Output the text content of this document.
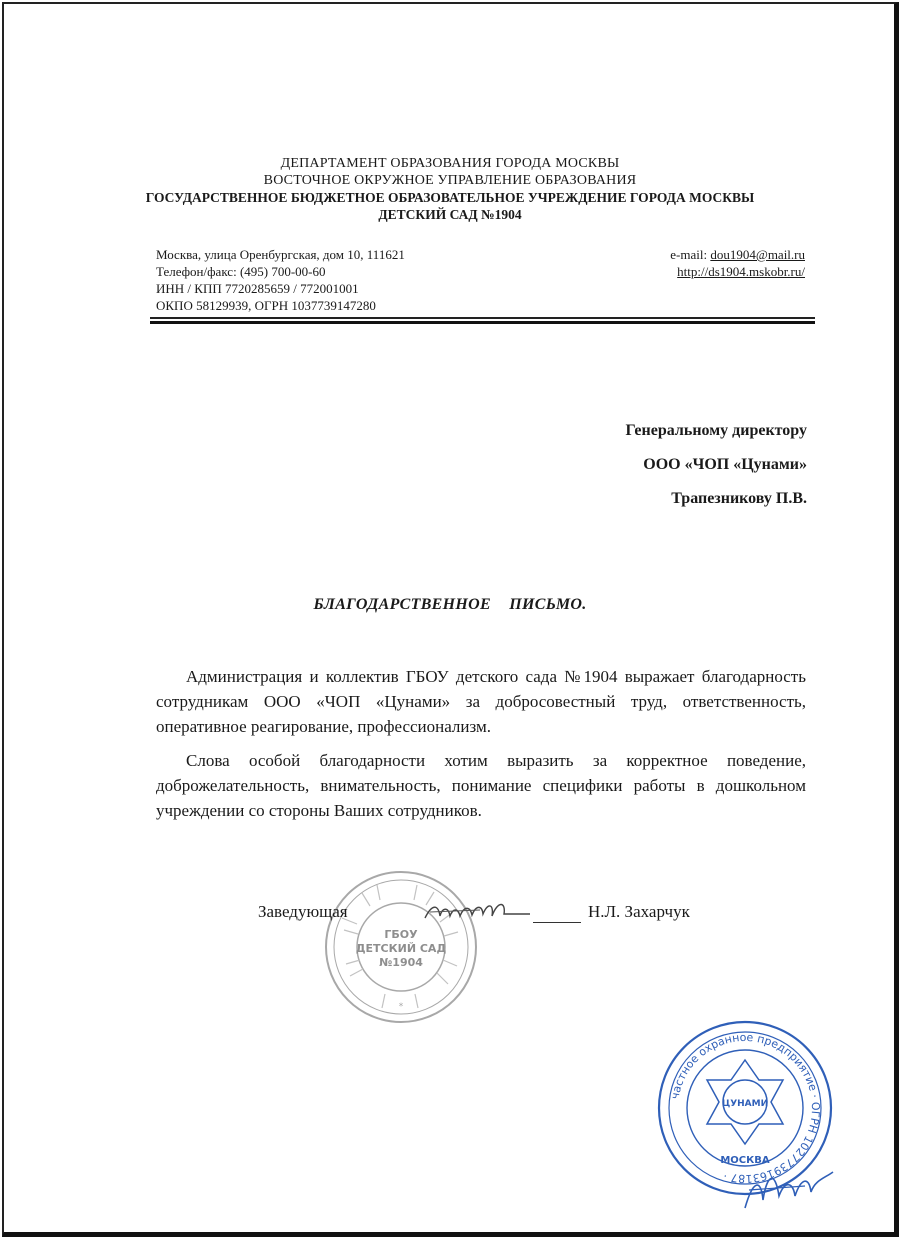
ДЕПАРТАМЕНТ ОБРАЗОВАНИЯ ГОРОДА МОСКВЫ
ВОСТОЧНОЕ ОКРУЖНОЕ УПРАВЛЕНИЕ ОБРАЗОВАНИЯ
ГОСУДАРСТВЕННОЕ БЮДЖЕТНОЕ ОБРАЗОВАТЕЛЬНОЕ УЧРЕЖДЕНИЕ ГОРОДА МОСКВЫ
ДЕТСКИЙ САД №1904
Москва, улица Оренбургская, дом 10, 111621
Телефон/факс: (495) 700-00-60
ИНН / КПП 7720285659 / 772001001
ОКПО 58129939, ОГРН 1037739147280
e-mail: dou1904@mail.ru
http://ds1904.mskobr.ru/
Генеральному директору
ООО «ЧОП «Цунами»
Трапезникову П.В.
БЛАГОДАРСТВЕННОЕ ПИСЬМО.
Администрация и коллектив ГБОУ детского сада №1904 выражает благодарность сотрудникам ООО «ЧОП «Цунами» за добросовестный труд, ответственность, оперативное реагирование, профессионализм.
Слова особой благодарности хотим выразить за корректное поведение, доброжелательность, внимательность, понимание специфики работы в дошкольном учреждении со стороны Ваших сотрудников.
ГБОУ
ДЕТСКИЙ САД
№1904
*
Заведующая	Н.Л. Захарчук
частное охранное предприятие · ОГРН 1027739163187 ·
ЦУНАМИ
МОСКВА
